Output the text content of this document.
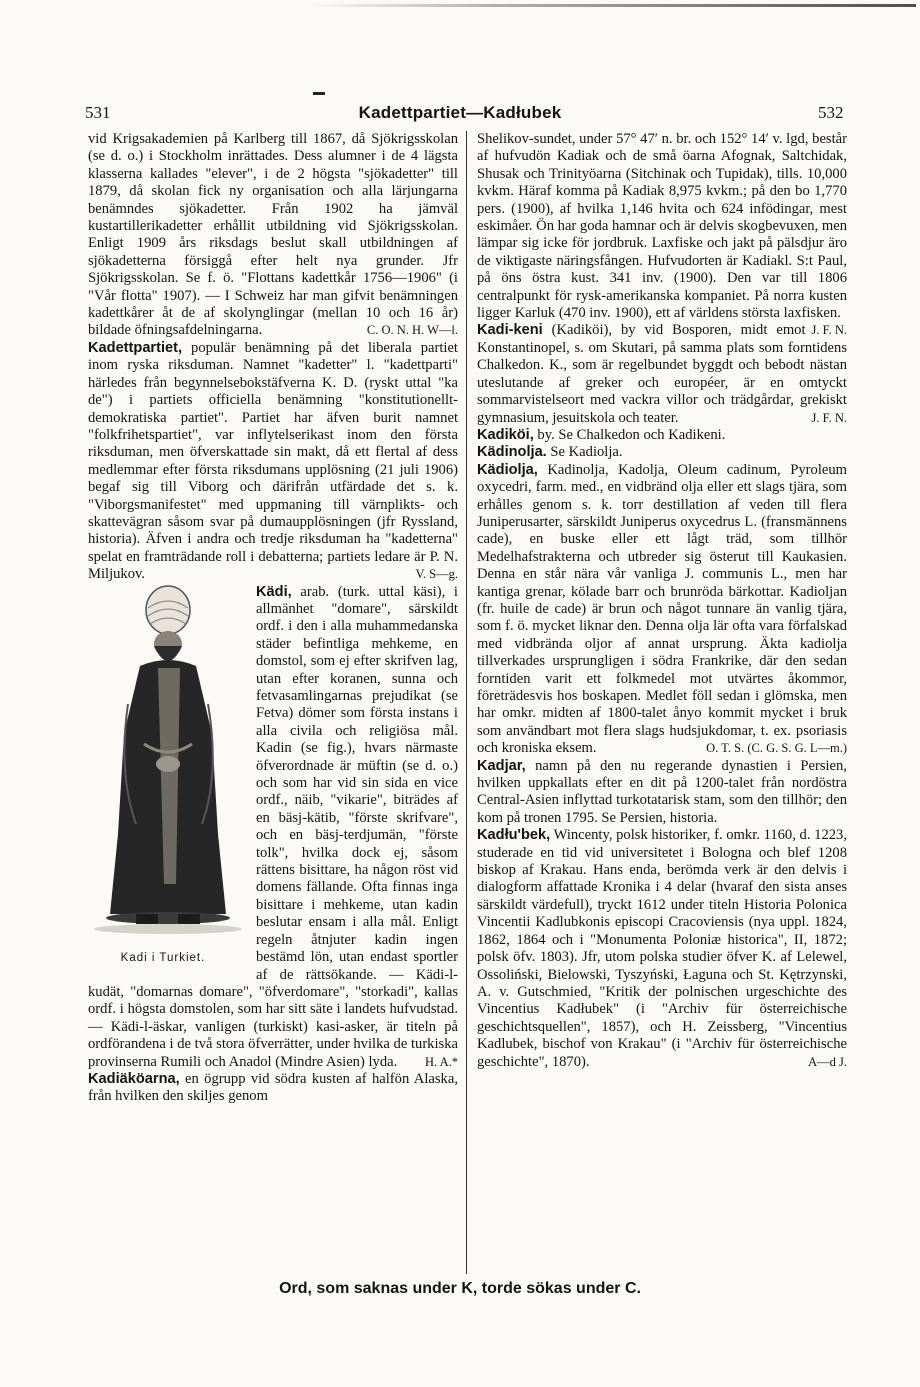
531	Kadettpartiet—Kadłubek	532

vid Krigsakademien på Karlberg till 1867, då Sjökrigsskolan (se d. o.) i Stockholm inrättades. Dess alumner i de 4 lägsta klasserna kallades "elever", i de 2 högsta "sjökadetter" till 1879, då skolan fick ny organisation och alla lärjungarna benämndes sjökadetter. Från 1902 ha jämväl kustartillerikadetter erhållit utbildning vid Sjökrigsskolan. Enligt 1909 års riksdags beslut skall utbildningen af sjökadetterna försiggå efter helt nya grunder. Jfr Sjökrigsskolan. Se f. ö. "Flottans kadettkår 1756—1906" (i "Vår flotta" 1907). — I Schweiz har man gifvit benämningen kadettkårer åt de af skolynglingar (mellan 10 och 16 år) bildade öfningsafdelningarna.	C. O. N. H. W—l.

Kadettpartiet, populär benämning på det liberala partiet inom ryska riksduman. Namnet "kadetter" l. "kadettparti" härledes från begynnelsebokstäfverna K. D. (ryskt uttal "ka de") i partiets officiella benämning "konstitutionellt-demokratiska partiet". Partiet har äfven burit namnet "folkfrihetspartiet", var inflytelserikast inom den första riksduman, men öfverskattade sin makt, då ett flertal af dess medlemmar efter första riksdumans upplösning (21 juli 1906) begaf sig till Viborg och därifrån utfärdade det s. k. "Viborgsmanifestet" med uppmaning till värnplikts- och skattevägran såsom svar på dumaupplösningen (jfr Ryssland, historia). Äfven i andra och tredje riksduman ha "kadetterna" spelat en framträdande roll i debatterna; partiets ledare är P. N. Miljukov.	V. S—g.

Kädi,
Kadi i Turkiet.
arab. (turk. uttal käsi), i allmänhet "domare", särskildt ordf. i den i alla muhammedanska städer befintliga mehkeme, en domstol, som ej efter skrifven lag, utan efter koranen, sunna och fetvasamlingarnas prejudikat (se Fetva) dömer som första instans i alla civila och religiösa mål. Kadin (se fig.), hvars närmaste öfverordnade är müftin (se d. o.) och som har vid sin sida en vice ordf., näib, "vikarie", biträdes af en bäsj-kätib, "förste skrifvare", och en bäsj-terdjumän, "förste tolk", hvilka dock ej, såsom rättens bisittare, ha någon röst vid domens fällande. Ofta finnas inga bisittare i mehkeme, utan kadin beslutar ensam i alla mål. Enligt regeln åtnjuter kadin ingen bestämd lön, utan endast sportler af de rättsökande. — Kädi-l-kudät, "domarnas domare", "öfverdomare", "storkadi", kallas ordf. i högsta domstolen, som har sitt säte i landets hufvudstad. — Kädi-l-äskar, vanligen (turkiskt) kasi-asker, är titeln på ordförandena i de två stora öfverrätter, under hvilka de turkiska provinserna Rumili och Anadol (Mindre Asien) lyda.	H. A.*

Kadiäköarna, en ögrupp vid södra kusten af halfön Alaska, från hvilken den skiljes genom

Shelikov-sundet, under 57° 47′ n. br. och 152° 14′ v. lgd, består af hufvudön Kadiak och de små öarna Afognak, Saltchidak, Shusak och Trinityöarna (Sitchinak och Tupidak), tills. 10,000 kvkm. Häraf komma på Kadiak 8,975 kvkm.; på den bo 1,770 pers. (1900), af hvilka 1,146 hvita och 624 infödingar, mest eskimåer. Ön har goda hamnar och är delvis skogbevuxen, men lämpar sig icke för jordbruk. Laxfiske och jakt på pälsdjur äro de viktigaste näringsfången. Hufvudorten är Kadiakl. S:t Paul, på öns östra kust. 341 inv. (1900). Den var till 1806 centralpunkt för rysk-amerikanska kompaniet. På norra kusten ligger Karluk (470 inv. 1900), ett af världens största laxfisken.
J. F. N.

Kadi-keni (Kadiköi), by vid Bosporen, midt emot Konstantinopel, s. om Skutari, på samma plats som forntidens Chalkedon. K., som är regelbundet byggdt och bebodt nästan uteslutande af greker och européer, är en omtyckt sommarvistelseort med vackra villor och trädgårdar, grekiskt gymnasium, jesuitskola och teater.	J. F. N.

Kadiköi, by. Se Chalkedon och Kadikeni.

Kädinolja. Se Kadiolja.

Kädiolja, Kadinolja, Kadolja, Oleum cadinum, Pyroleum oxycedri, farm. med., en vidbränd olja eller ett slags tjära, som erhålles genom s. k. torr destillation af veden till flera Juniperusarter, särskildt Juniperus oxycedrus L. (fransmännens cade), en buske eller ett lågt träd, som tillhör Medelhafstrakterna och utbreder sig österut till Kaukasien. Denna en står nära vår vanliga J. communis L., men har kantiga grenar, kölade barr och brunröda bärkottar. Kadioljan (fr. huile de cade) är brun och något tunnare än vanlig tjära, som f. ö. mycket liknar den. Denna olja lär ofta vara förfalskad med vidbrända oljor af annat ursprung. Äkta kadiolja tillverkades ursprungligen i södra Frankrike, där den sedan forntiden varit ett folkmedel mot utvärtes åkommor, företrädesvis hos boskapen. Medlet föll sedan i glömska, men har omkr. midten af 1800-talet ånyo kommit mycket i bruk som användbart mot flera slags hudsjukdomar, t. ex. psoriasis och kroniska eksem.	O. T. S. (C. G. S. G. L—m.)

Kadjar, namn på den nu regerande dynastien i Persien, hvilken uppkallats efter en dit på 1200-talet från nordöstra Central-Asien inflyttad turkotatarisk stam, som den tillhör; den kom på tronen 1795. Se Persien, historia.

Kadłu'bek, Wincenty, polsk historiker, f. omkr. 1160, d. 1223, studerade en tid vid universitetet i Bologna och blef 1208 biskop af Krakau. Hans enda, berömda verk är den delvis i dialogform affattade Kronika i 4 delar (hvaraf den sista anses särskildt värdefull), tryckt 1612 under titeln Historia Polonica Vincentii Kadlubkonis episcopi Cracoviensis (nya uppl. 1824, 1862, 1864 och i "Monumenta Poloniæ historica", II, 1872; polsk öfv. 1803). Jfr, utom polska studier öfver K. af Lelewel, Ossoliński, Bielowski, Tyszyński, Łaguna och St. Kętrzynski, A. v. Gutschmied, "Kritik der polnischen urgeschichte des Vincentius Kadłubek" (i "Archiv für österreichische geschichtsquellen", 1857), och H. Zeissberg, "Vincentius Kadlubek, bischof von Krakau" (i "Archiv für österreichische geschichte", 1870).	A—d J.

Ord, som saknas under K, torde sökas under C.
